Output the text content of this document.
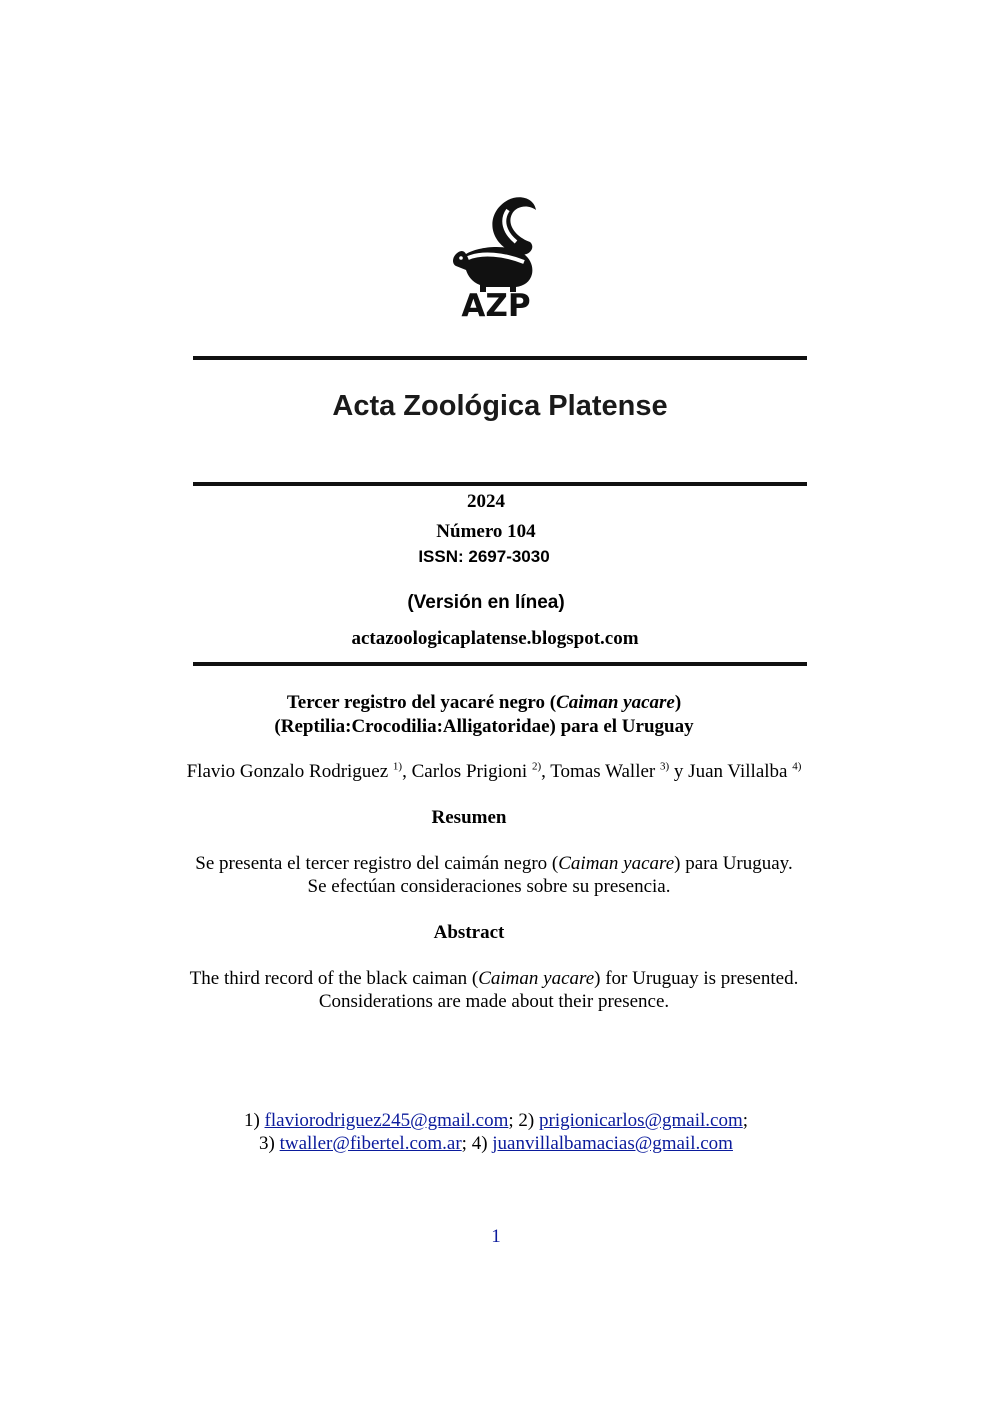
AZP
Acta Zoológica Platense
2024
Número 104
ISSN: 2697-3030
(Versión en línea)
actazoologicaplatense.blogspot.com
Tercer registro del yacaré negro (Caiman yacare)
(Reptilia:Crocodilia:Alligatoridae) para el Uruguay
Flavio Gonzalo Rodriguez $^{1)}$, Carlos Prigioni $^{2)}$, Tomas Waller $^{3)}$ y Juan Villalba $^{4)}$
Resumen
Se presenta el tercer registro del caimán negro (Caiman yacare) para Uruguay.
Se efectúan consideraciones sobre su presencia.
Abstract
The third record of the black caiman (Caiman yacare) for Uruguay is presented.
Considerations are made about their presence.
1) flaviorodriguez245@gmail.com; 2) prigionicarlos@gmail.com;
3) twaller@fibertel.com.ar; 4) juanvillalbamacias@gmail.com
1
